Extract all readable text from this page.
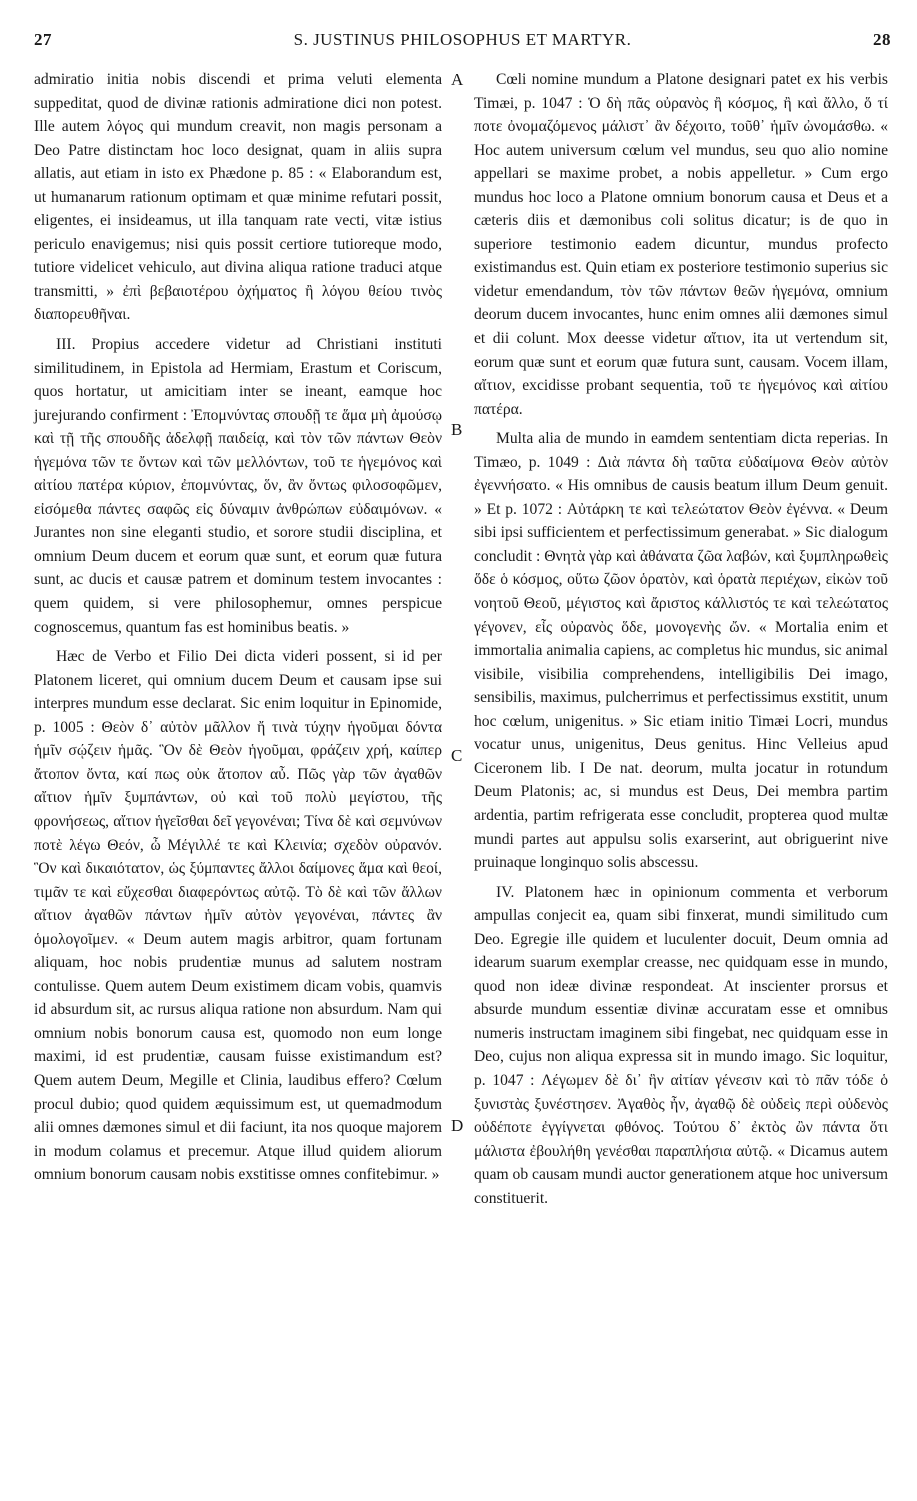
27	S. JUSTINUS PHILOSOPHUS ET MARTYR.	28

admiratio initia nobis discendi et prima veluti elementa suppeditat, quod de divinæ rationis admiratione dici non potest. Ille autem λόγος qui mundum creavit, non magis personam a Deo Patre distinctam hoc loco designat, quam in aliis supra allatis, aut etiam in isto ex Phædone p. 85 : « Elaborandum est, ut humanarum rationum optimam et quæ minime refutari possit, eligentes, ei insideamus, ut illa tanquam rate vecti, vitæ istius periculo enavigemus; nisi quis possit certiore tutioreque modo, tutiore videlicet vehiculo, aut divina aliqua ratione traduci atque transmitti, » ἐπὶ βεβαιοτέρου ὀχήματος ἢ λόγου θείου τινὸς διαπορευθῆναι.

III. Propius accedere videtur ad Christiani instituti similitudinem, in Epistola ad Hermiam, Erastum et Coriscum, quos hortatur, ut amicitiam inter se ineant, eamque hoc jurejurando confirment : Ἐπομνύντας σπουδῇ τε ἅμα μὴ ἀμούσῳ καὶ τῇ τῆς σπουδῆς ἀδελφῇ παιδείᾳ, καὶ τὸν τῶν πάντων Θεὸν ἡγεμόνα τῶν τε ὄντων καὶ τῶν μελλόντων, τοῦ τε ἡγεμόνος καὶ αἰτίου πατέρα κύριον, ἐπομνύντας, ὅν, ἂν ὄντως φιλοσοφῶμεν, εἰσόμεθα πάντες σαφῶς εἰς δύναμιν ἀνθρώπων εὐδαιμόνων. « Jurantes non sine eleganti studio, et sorore studii disciplina, et omnium Deum ducem et eorum quæ sunt, et eorum quæ futura sunt, ac ducis et causæ patrem et dominum testem invocantes : quem quidem, si vere philosophemur, omnes perspicue cognoscemus, quantum fas est hominibus beatis. »

Hæc de Verbo et Filio Dei dicta videri possent, si id per Platonem liceret, qui omnium ducem Deum et causam ipse sui interpres mundum esse declarat. Sic enim loquitur in Epinomide, p. 1005 : Θεὸν δ᾽ αὐτὸν μᾶλλον ἤ τινὰ τύχην ἡγοῦμαι δόντα ἡμῖν σῴζειν ἡμᾶς. Ὃν δὲ Θεὸν ἡγοῦμαι, φράζειν χρή, καίπερ ἄτοπον ὄντα, καί πως οὐκ ἄτοπον αὖ. Πῶς γὰρ τῶν ἀγαθῶν αἴτιον ἡμῖν ξυμπάντων, οὐ καὶ τοῦ πολὺ μεγίστου, τῆς φρονήσεως, αἴτιον ἡγεῖσθαι δεῖ γεγονέναι; Τίνα δὲ καὶ σεμνύνων ποτὲ λέγω Θεόν, ὦ Μέγιλλέ τε καὶ Κλεινία; σχεδὸν οὐρανόν. Ὃν καὶ δικαιότατον, ὡς ξύμπαντες ἄλλοι δαίμονες ἅμα καὶ θεοί, τιμᾶν τε καὶ εὔχεσθαι διαφερόντως αὐτῷ. Τὸ δὲ καὶ τῶν ἄλλων αἴτιον ἀγαθῶν πάντων ἡμῖν αὐτὸν γεγονέναι, πάντες ἂν ὁμολογοῖμεν. « Deum autem magis arbitror, quam fortunam aliquam, hoc nobis prudentiæ munus ad salutem nostram contulisse. Quem autem Deum existimem dicam vobis, quamvis id absurdum sit, ac rursus aliqua ratione non absurdum. Nam qui omnium nobis bonorum causa est, quomodo non eum longe maximi, id est prudentiæ, causam fuisse existimandum est? Quem autem Deum, Megille et Clinia, laudibus effero? Cœlum procul dubio; quod quidem æquissimum est, ut quemadmodum alii omnes dæmones simul et dii faciunt, ita nos quoque majorem in modum colamus et precemur. Atque illud quidem aliorum omnium bonorum causam nobis exstitisse omnes confitebimur. »

A
B
C
D

Cœli nomine mundum a Platone designari patet ex his verbis Timæi, p. 1047 : Ὁ δὴ πᾶς οὐρανὸς ἢ κόσμος, ἢ καὶ ἄλλο, ὅ τί ποτε ὀνομαζόμενος μάλιστ᾽ ἂν δέχοιτο, τοῦθ᾽ ἡμῖν ὠνομάσθω. « Hoc autem universum cœlum vel mundus, seu quo alio nomine appellari se maxime probet, a nobis appelletur. » Cum ergo mundus hoc loco a Platone omnium bonorum causa et Deus et a cæteris diis et dæmonibus coli solitus dicatur; is de quo in superiore testimonio eadem dicuntur, mundus profecto existimandus est. Quin etiam ex posteriore testimonio superius sic videtur emendandum, τὸν τῶν πάντων θεῶν ἡγεμόνα, omnium deorum ducem invocantes, hunc enim omnes alii dæmones simul et dii colunt. Mox deesse videtur αἴτιον, ita ut vertendum sit, eorum quæ sunt et eorum quæ futura sunt, causam. Vocem illam, αἴτιον, excidisse probant sequentia, τοῦ τε ἡγεμόνος καὶ αἰτίου πατέρα.

Multa alia de mundo in eamdem sententiam dicta reperias. In Timæo, p. 1049 : Διὰ πάντα δὴ ταῦτα εὐδαίμονα Θεὸν αὐτὸν ἐγεννήσατο. « His omnibus de causis beatum illum Deum genuit. » Et p. 1072 : Αὐτάρκη τε καὶ τελεώτατον Θεὸν ἐγέννα. « Deum sibi ipsi sufficientem et perfectissimum generabat. » Sic dialogum concludit : Θνητὰ γὰρ καὶ ἀθάνατα ζῶα λαβών, καὶ ξυμπληρωθεὶς ὅδε ὁ κόσμος, οὕτω ζῶον ὁρατὸν, καὶ ὁρατὰ περιέχων, εἰκὼν τοῦ νοητοῦ Θεοῦ, μέγιστος καὶ ἄριστος κάλλιστός τε καὶ τελεώτατος γέγονεν, εἷς οὐρανὸς ὅδε, μονογενὴς ὤν. « Mortalia enim et immortalia animalia capiens, ac completus hic mundus, sic animal visibile, visibilia comprehendens, intelligibilis Dei imago, sensibilis, maximus, pulcherrimus et perfectissimus exstitit, unum hoc cœlum, unigenitus. » Sic etiam initio Timæi Locri, mundus vocatur unus, unigenitus, Deus genitus. Hinc Velleius apud Ciceronem lib. I De nat. deorum, multa jocatur in rotundum Deum Platonis; ac, si mundus est Deus, Dei membra partim ardentia, partim refrigerata esse concludit, propterea quod multæ mundi partes aut appulsu solis exarserint, aut obriguerint nive pruinaque longinquo solis abscessu.

IV. Platonem hæc in opinionum commenta et verborum ampullas conjecit ea, quam sibi finxerat, mundi similitudo cum Deo. Egregie ille quidem et luculenter docuit, Deum omnia ad idearum suarum exemplar creasse, nec quidquam esse in mundo, quod non ideæ divinæ respondeat. At inscienter prorsus et absurde mundum essentiæ divinæ accuratam esse et omnibus numeris instructam imaginem sibi fingebat, nec quidquam esse in Deo, cujus non aliqua expressa sit in mundo imago. Sic loquitur, p. 1047 : Λέγωμεν δὲ δι᾽ ἣν αἰτίαν γένεσιν καὶ τὸ πᾶν τόδε ὁ ξυνιστὰς ξυνέστησεν. Ἀγαθὸς ἦν, ἀγαθῷ δὲ οὐδεὶς περὶ οὐδενὸς οὐδέποτε ἐγγίγνεται φθόνος. Τούτου δ᾽ ἐκτὸς ὢν πάντα ὅτι μάλιστα ἐβουλήθη γενέσθαι παραπλήσια αὐτῷ. « Dicamus autem quam ob causam mundi auctor generationem atque hoc universum constituerit.
